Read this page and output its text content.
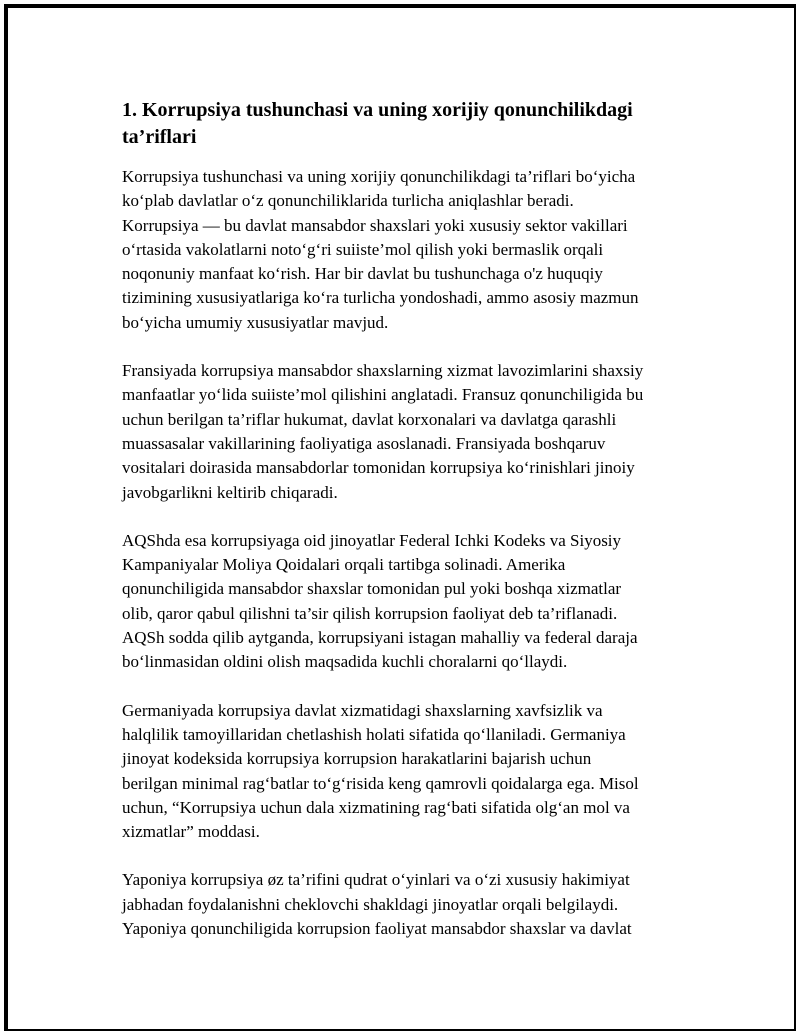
1. Korrupsiya tushunchasi va uning xorijiy qonunchilikdagi
ta’riflari

Korrupsiya tushunchasi va uning xorijiy qonunchilikdagi ta’riflari bo‘yicha
ko‘plab davlatlar o‘z qonunchiliklarida turlicha aniqlashlar beradi.
Korrupsiya — bu davlat mansabdor shaxslari yoki xususiy sektor vakillari
o‘rtasida vakolatlarni noto‘g‘ri suiiste’mol qilish yoki bermaslik orqali
noqonuniy manfaat ko‘rish. Har bir davlat bu tushunchaga o'z huquqiy
tizimining xususiyatlariga ko‘ra turlicha yondoshadi, ammo asosiy mazmun
bo‘yicha umumiy xususiyatlar mavjud.

Fransiyada korrupsiya mansabdor shaxslarning xizmat lavozimlarini shaxsiy
manfaatlar yo‘lida suiiste’mol qilishini anglatadi. Fransuz qonunchiligida bu
uchun berilgan ta’riflar hukumat, davlat korxonalari va davlatga qarashli
muassasalar vakillarining faoliyatiga asoslanadi. Fransiyada boshqaruv
vositalari doirasida mansabdorlar tomonidan korrupsiya ko‘rinishlari jinoiy
javobgarlikni keltirib chiqaradi.

AQShda esa korrupsiyaga oid jinoyatlar Federal Ichki Kodeks va Siyosiy
Kampaniyalar Moliya Qoidalari orqali tartibga solinadi. Amerika
qonunchiligida mansabdor shaxslar tomonidan pul yoki boshqa xizmatlar
olib, qaror qabul qilishni ta’sir qilish korrupsion faoliyat deb ta’riflanadi.
AQSh sodda qilib aytganda, korrupsiyani istagan mahalliy va federal daraja
bo‘linmasidan oldini olish maqsadida kuchli choralarni qo‘llaydi.

Germaniyada korrupsiya davlat xizmatidagi shaxslarning xavfsizlik va
halqlilik tamoyillaridan chetlashish holati sifatida qo‘llaniladi. Germaniya
jinoyat kodeksida korrupsiya korrupsion harakatlarini bajarish uchun
berilgan minimal rag‘batlar to‘g‘risida keng qamrovli qoidalarga ega. Misol
uchun, “Korrupsiya uchun dala xizmatining rag‘bati sifatida olg‘an mol va
xizmatlar” moddasi.

Yaponiya korrupsiya øz ta’rifini qudrat o‘yinlari va o‘zi xususiy hakimiyat
jabhadan foydalanishni cheklovchi shakldagi jinoyatlar orqali belgilaydi.
Yaponiya qonunchiligida korrupsion faoliyat mansabdor shaxslar va davlat
